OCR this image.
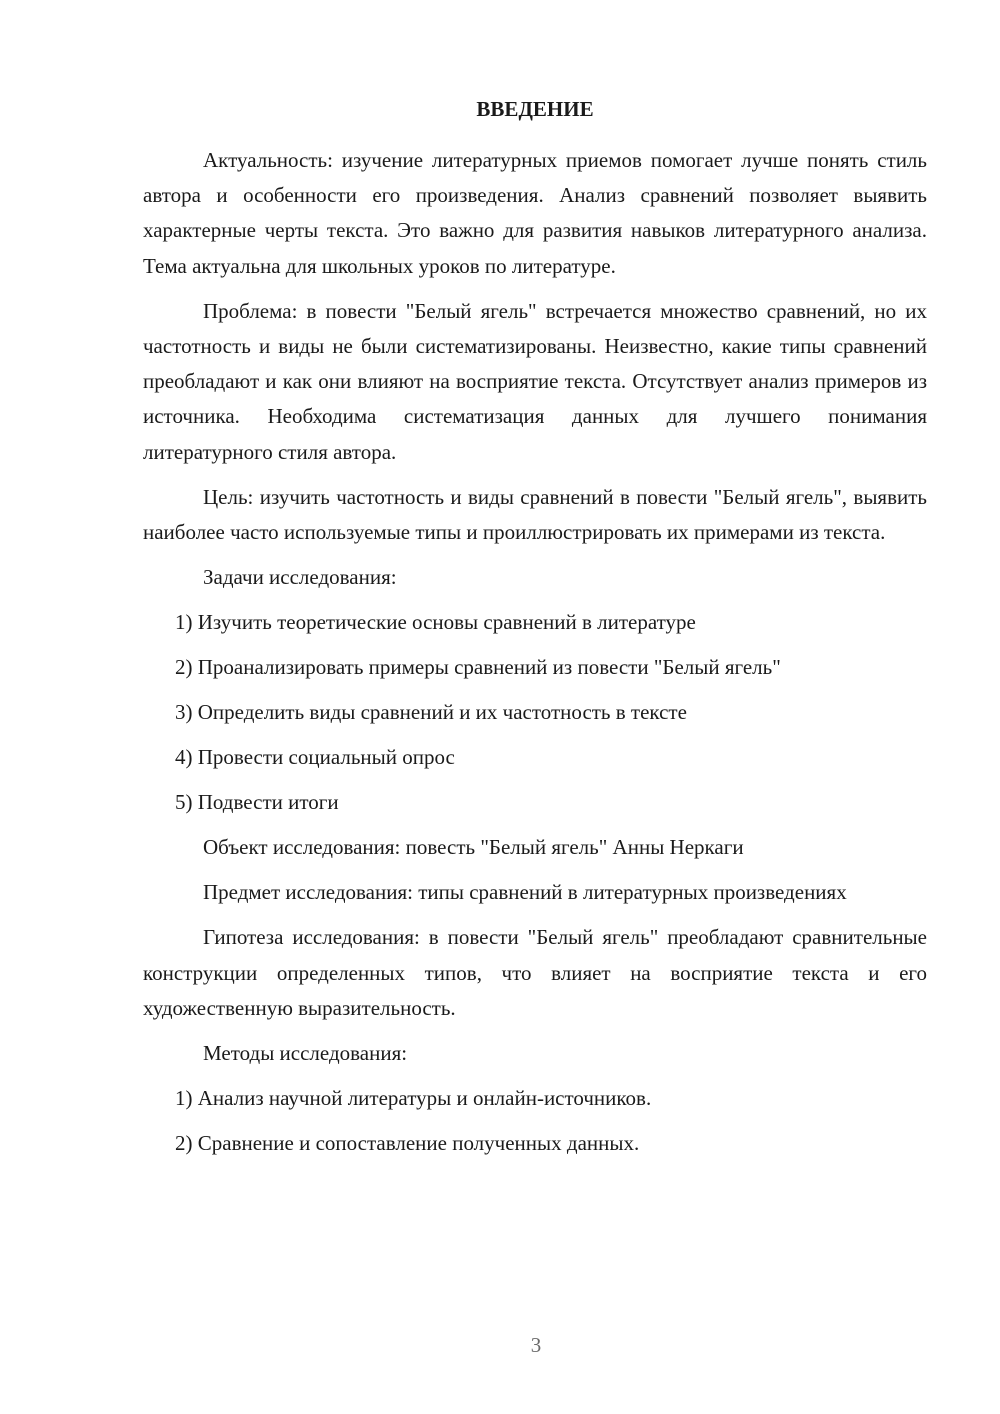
ВВЕДЕНИЕ

Актуальность: изучение литературных приемов помогает лучше понять стиль автора и особенности его произведения. Анализ сравнений позволяет выявить характерные черты текста. Это важно для развития навыков литературного анализа. Тема актуальна для школьных уроков по литературе.

Проблема: в повести "Белый ягель" встречается множество сравнений, но их частотность и виды не были систематизированы. Неизвестно, какие типы сравнений преобладают и как они влияют на восприятие текста. Отсутствует анализ примеров из источника. Необходима систематизация данных для лучшего понимания литературного стиля автора.

Цель: изучить частотность и виды сравнений в повести "Белый ягель", выявить наиболее часто используемые типы и проиллюстрировать их примерами из текста.

Задачи исследования:

1) Изучить теоретические основы сравнений в литературе

2) Проанализировать примеры сравнений из повести "Белый ягель"

3) Определить виды сравнений и их частотность в тексте

4) Провести социальный опрос

5) Подвести итоги

Объект исследования: повесть "Белый ягель" Анны Неркаги

Предмет исследования: типы сравнений в литературных произведениях

Гипотеза исследования: в повести "Белый ягель" преобладают сравнительные конструкции определенных типов, что влияет на восприятие текста и его художественную выразительность.

Методы исследования:

1) Анализ научной литературы и онлайн-источников.

2) Сравнение и сопоставление полученных данных.

3
